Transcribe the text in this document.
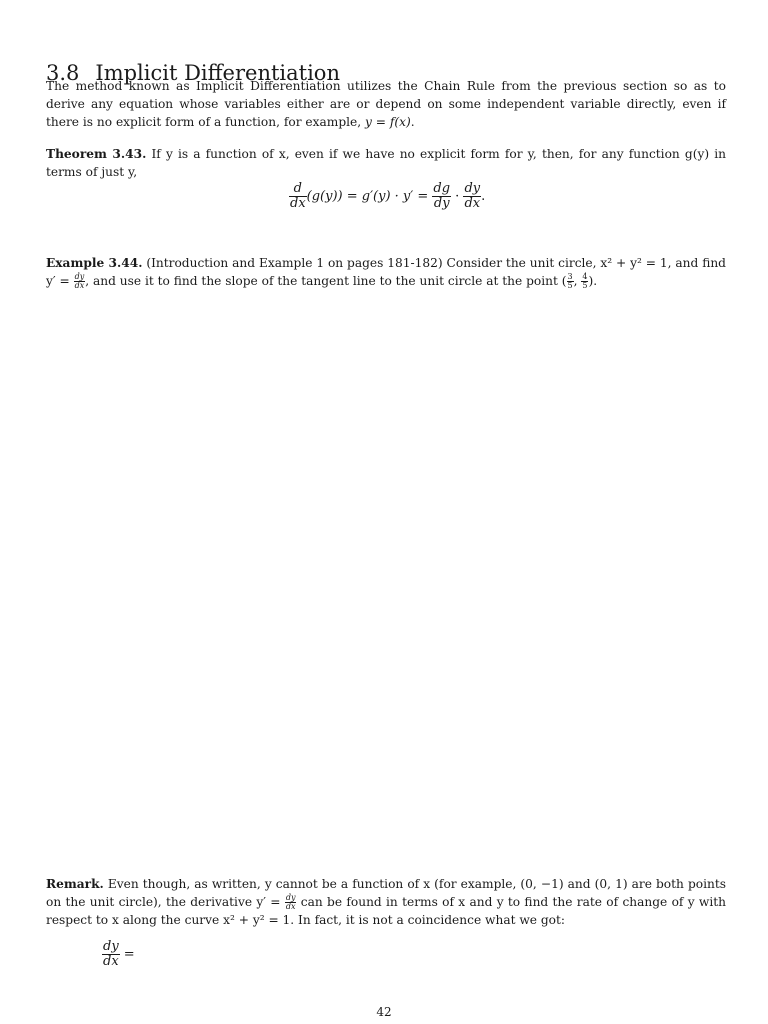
3.8 Implicit Differentiation

The method known as Implicit Differentiation utilizes the Chain Rule from the previous section so as to derive any equation whose variables either are or depend on some independent variable directly, even if there is no explicit form of a function, for example, y = f(x).

Theorem 3.43. If y is a function of x, even if we have no explicit form for y, then, for any function g(y) in terms of just y,

$\frac{d}{dx} (g(y)) = g'(y) \cdot y' = \frac{dg}{dy} \cdot \frac{dy}{dx}$ .

Example 3.44. (Introduction and Example 1 on pages 181-182) Consider the unit circle, x² + y² = 1, and find $y' = \frac{dy}{dx}$ , and use it to find the slope of the tangent line to the unit circle at the point ( $\frac{3}{5}$ , $\frac{4}{5}$ ).

Remark. Even though, as written, y cannot be a function of x (for example, (0, −1) and (0, 1) are both points on the unit circle), the derivative $y' = \frac{dy}{dx}$ can be found in terms of x and y to find the rate of change of y with respect to x along the curve x² + y² = 1. In fact, it is not a coincidence what we got:

$\frac{dy}{dx}$ =
42
